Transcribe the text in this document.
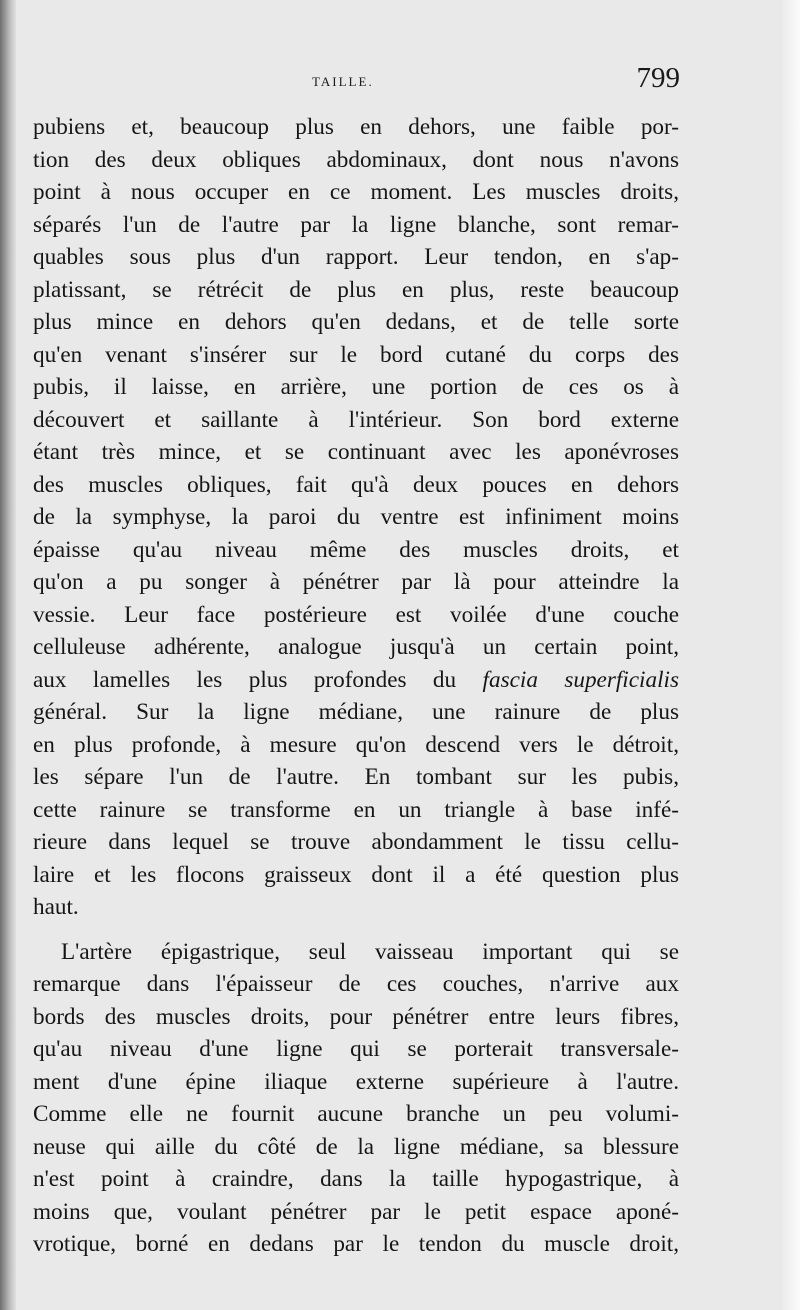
TAILLE.	799
pubiens et, beaucoup plus en dehors, une faible por-
tion des deux obliques abdominaux, dont nous n'avons
point à nous occuper en ce moment. Les muscles droits,
séparés l'un de l'autre par la ligne blanche, sont remar-
quables sous plus d'un rapport. Leur tendon, en s'ap-
platissant, se rétrécit de plus en plus, reste beaucoup
plus mince en dehors qu'en dedans, et de telle sorte
qu'en venant s'insérer sur le bord cutané du corps des
pubis, il laisse, en arrière, une portion de ces os à
découvert et saillante à l'intérieur. Son bord externe
étant très mince, et se continuant avec les aponévroses
des muscles obliques, fait qu'à deux pouces en dehors
de la symphyse, la paroi du ventre est infiniment moins
épaisse qu'au niveau même des muscles droits, et
qu'on a pu songer à pénétrer par là pour atteindre la
vessie. Leur face postérieure est voilée d'une couche
celluleuse adhérente, analogue jusqu'à un certain point,
aux lamelles les plus profondes du fascia superficialis
général. Sur la ligne médiane, une rainure de plus
en plus profonde, à mesure qu'on descend vers le détroit,
les sépare l'un de l'autre. En tombant sur les pubis,
cette rainure se transforme en un triangle à base infé-
rieure dans lequel se trouve abondamment le tissu cellu-
laire et les flocons graisseux dont il a été question plus
haut.
L'artère épigastrique, seul vaisseau important qui se
remarque dans l'épaisseur de ces couches, n'arrive aux
bords des muscles droits, pour pénétrer entre leurs fibres,
qu'au niveau d'une ligne qui se porterait transversale-
ment d'une épine iliaque externe supérieure à l'autre.
Comme elle ne fournit aucune branche un peu volumi-
neuse qui aille du côté de la ligne médiane, sa blessure
n'est point à craindre, dans la taille hypogastrique, à
moins que, voulant pénétrer par le petit espace aponé-
vrotique, borné en dedans par le tendon du muscle droit,
